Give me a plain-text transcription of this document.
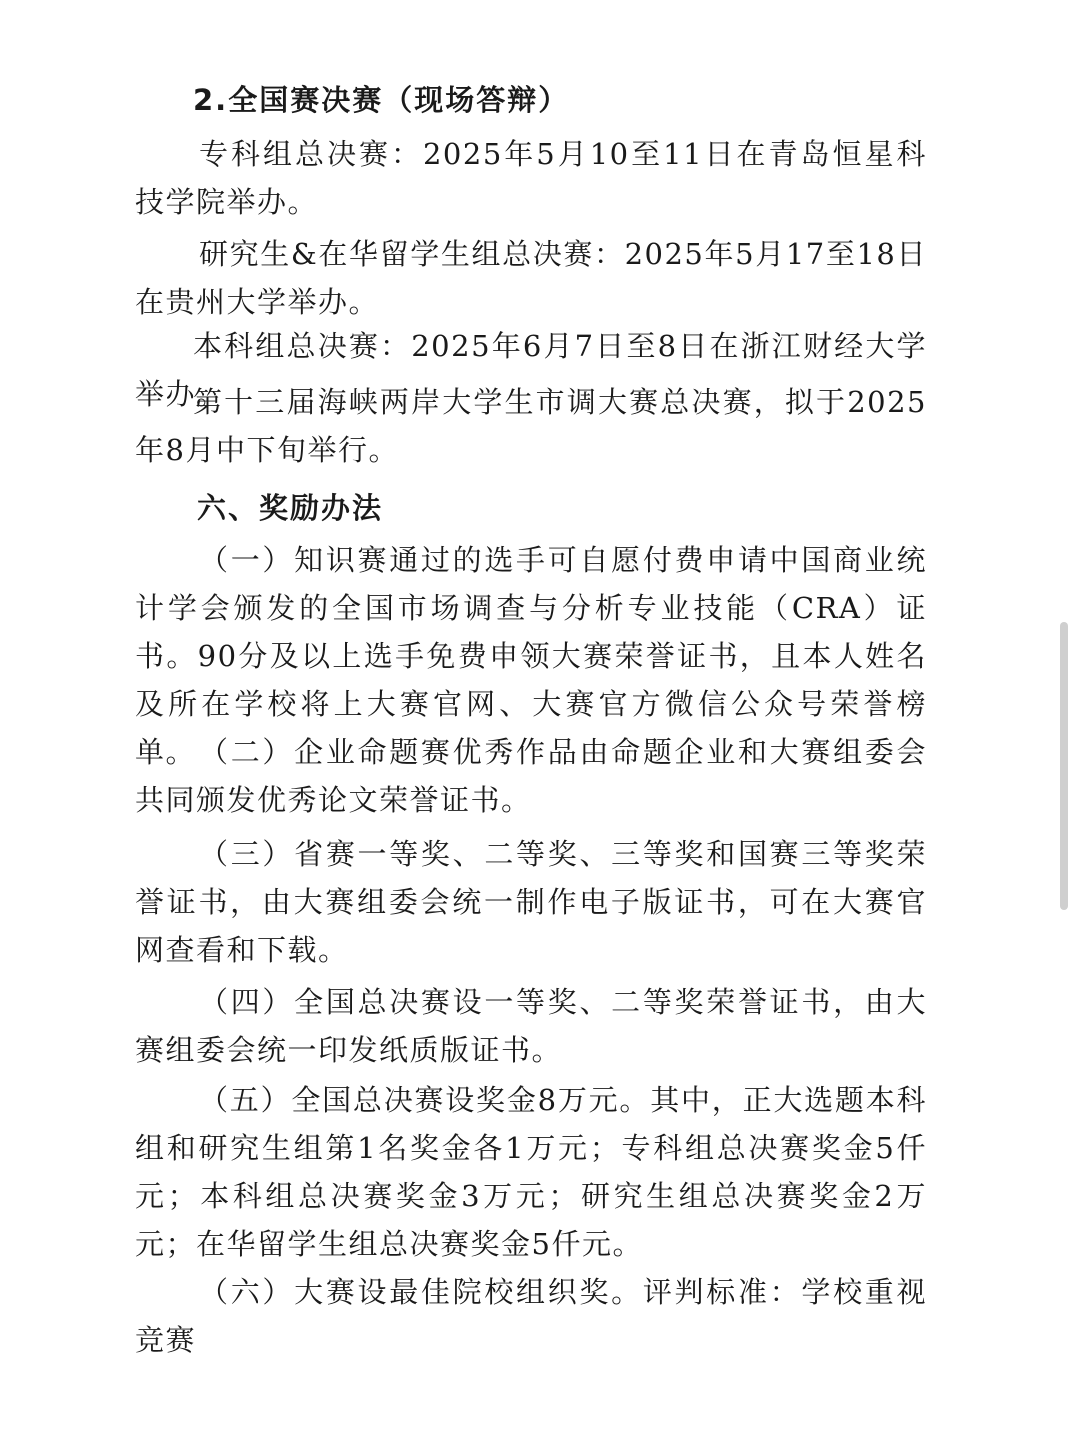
2.全国赛决赛（现场答辩）

专科组总决赛：2025年5月10至11日在青岛恒星科技学院举办。

研究生&在华留学生组总决赛：2025年5月17至18日在贵州大学举办。

本科组总决赛：2025年6月7日至8日在浙江财经大学举办。

第十三届海峡两岸大学生市调大赛总决赛，拟于2025年8月中下旬举行。

六、奖励办法

（一）知识赛通过的选手可自愿付费申请中国商业统计学会颁发的全国市场调查与分析专业技能（CRA）证书。90分及以上选手免费申领大赛荣誉证书，且本人姓名及所在学校将上大赛官网、大赛官方微信公众号荣誉榜单。 （二）企业命题赛优秀作品由命题企业和大赛组委会共同颁发优秀论文荣誉证书。

（三）省赛一等奖、二等奖、三等奖和国赛三等奖荣誉证书，由大赛组委会统一制作电子版证书，可在大赛官网查看和下载。

（四）全国总决赛设一等奖、二等奖荣誉证书，由大赛组委会统一印发纸质版证书。

（五）全国总决赛设奖金8万元。其中，正大选题本科组和研究生组第1名奖金各1万元；专科组总决赛奖金5仟元；本科组总决赛奖金3万元；研究生组总决赛奖金2万元；在华留学生组总决赛奖金5仟元。

（六）大赛设最佳院校组织奖。评判标准：学校重视竞赛
